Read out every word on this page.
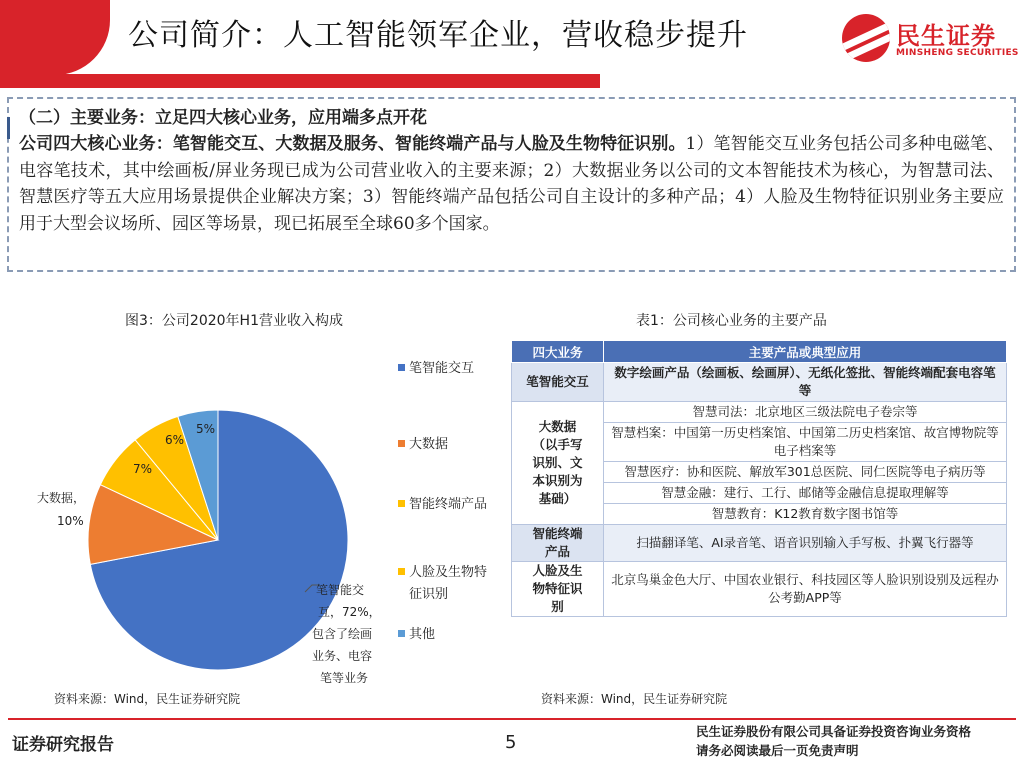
公司简介：人工智能领军企业，营收稳步提升	民生证券
MINSHENG SECURITIES
（二）主要业务：立足四大核心业务，应用端多点开花
公司四大核心业务：笔智能交互、大数据及服务、智能终端产品与人脸及生物特征识别。1）笔智能交互业务包括公司多种电磁笔、电容笔技术，其中绘画板/屏业务现已成为公司营业收入的主要来源；2）大数据业务以公司的文本智能技术为核心，为智慧司法、智慧医疗等五大应用场景提供企业解决方案；3）智能终端产品包括公司自主设计的多种产品；4）人脸及生物特征识别业务主要应用于大型会议场所、园区等场景，现已拓展至全球60多个国家。
图3：公司2020年H1营业收入构成
5%
6%
7%
大数据，
10%
笔智能交
互，72%，
包含了绘画
业务、电容
笔等业务
笔智能交互
大数据
智能终端产品
人脸及生物特征识别
其他
资料来源：Wind，民生证券研究院
表1：公司核心业务的主要产品
四大业务	主要产品或典型应用
笔智能交互	数字绘画产品（绘画板、绘画屏）、无纸化签批、智能终端配套电容笔等
大数据（以手写识别、文本识别为基础）	智慧司法：北京地区三级法院电子卷宗等
	智慧档案：中国第一历史档案馆、中国第二历史档案馆、故宫博物院等电子档案等
	智慧医疗：协和医院、解放军301总医院、同仁医院等电子病历等
	智慧金融：建行、工行、邮储等金融信息提取理解等
	智慧教育：K12教育数字图书馆等
智能终端产品	扫描翻译笔、AI录音笔、语音识别输入手写板、扑翼飞行器等
人脸及生物特征识别	北京鸟巢金色大厅、中国农业银行、科技园区等人脸识别设别及远程办公考勤APP等
资料来源：Wind，民生证券研究院
证券研究报告	5
民生证券股份有限公司具备证券投资咨询业务资格
请务必阅读最后一页免责声明
